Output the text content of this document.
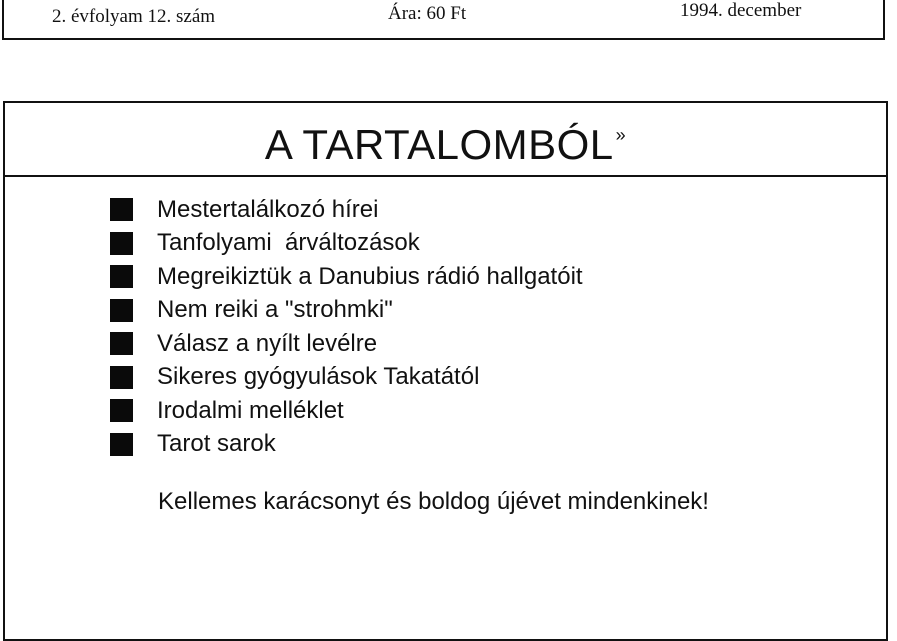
2. évfolyam 12. szám	Ára: 60 Ft	1994. december
A TARTALOMBÓL »
Mestertalálkozó hírei
Tanfolyami  árváltozások
Megreikiztük a Danubius rádió hallgatóit
Nem reiki a "strohmki"
Válasz a nyílt levélre
Sikeres gyógyulások Takatától
Irodalmi melléklet
Tarot sarok
Kellemes karácsonyt és boldog újévet mindenkinek!
